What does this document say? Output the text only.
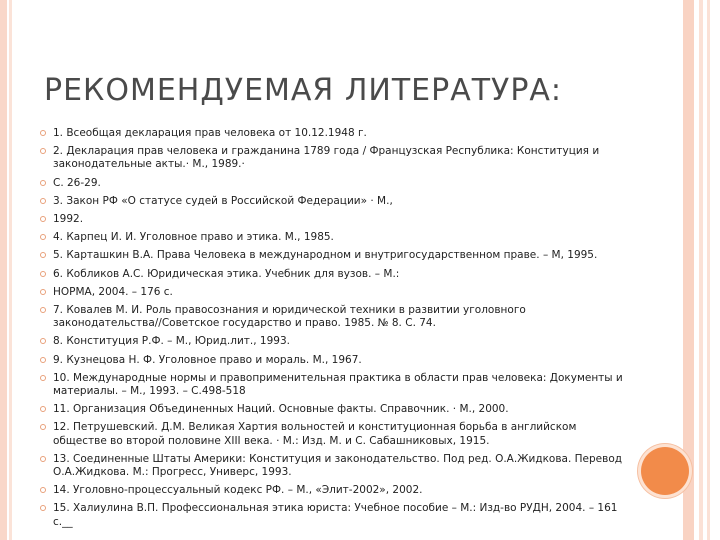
РЕКОМЕНДУЕМАЯ ЛИТЕРАТУРА:
1. Всеобщая декларация прав человека от 10.12.1948 г.
2. Декларация прав человека и гражданина 1789 года / Французская Республика: Конституция и законодательные акты.· М., 1989.·
С. 26-29.
3. Закон РФ «О статусе судей в Российской Федерации» · М.,
1992.
4. Карпец И. И. Уголовное право и этика. М., 1985.
5. Карташкин В.А. Права Человека в международном и внутригосударственном праве. – М, 1995.
6. Кобликов А.С. Юридическая этика. Учебник для вузов. – М.:
НОРМА, 2004. – 176 с.
7. Ковалев М. И. Роль правосознания и юридической техники в развитии уголовного законодательства//Советское государство и право. 1985. № 8. С. 74.
8. Конституция Р.Ф. – М., Юрид.лит., 1993.
9. Кузнецова Н. Ф. Уголовное право и мораль. М., 1967.
10. Международные нормы и правоприменительная практика в области прав человека: Документы и материалы. – М., 1993. – С.498-518
11. Организация Объединенных Наций. Основные факты. Справочник. · М., 2000.
12. Петрушевский. Д.М. Великая Хартия вольностей и конституционная борьба в английском обществе во второй половине XIII века. · М.: Изд. М. и С. Сабашниковых, 1915.
13. Соединенные Штаты Америки: Конституция и законодательство. Под ред. О.А.Жидкова. Перевод О.А.Жидкова. М.: Прогресс, Универс, 1993.
14. Уголовно-процессуальный кодекс РФ. – М., «Элит-2002», 2002.
15. Халиулина В.П. Профессиональная этика юриста: Учебное пособие – М.: Изд-во РУДН, 2004. – 161 с.__
